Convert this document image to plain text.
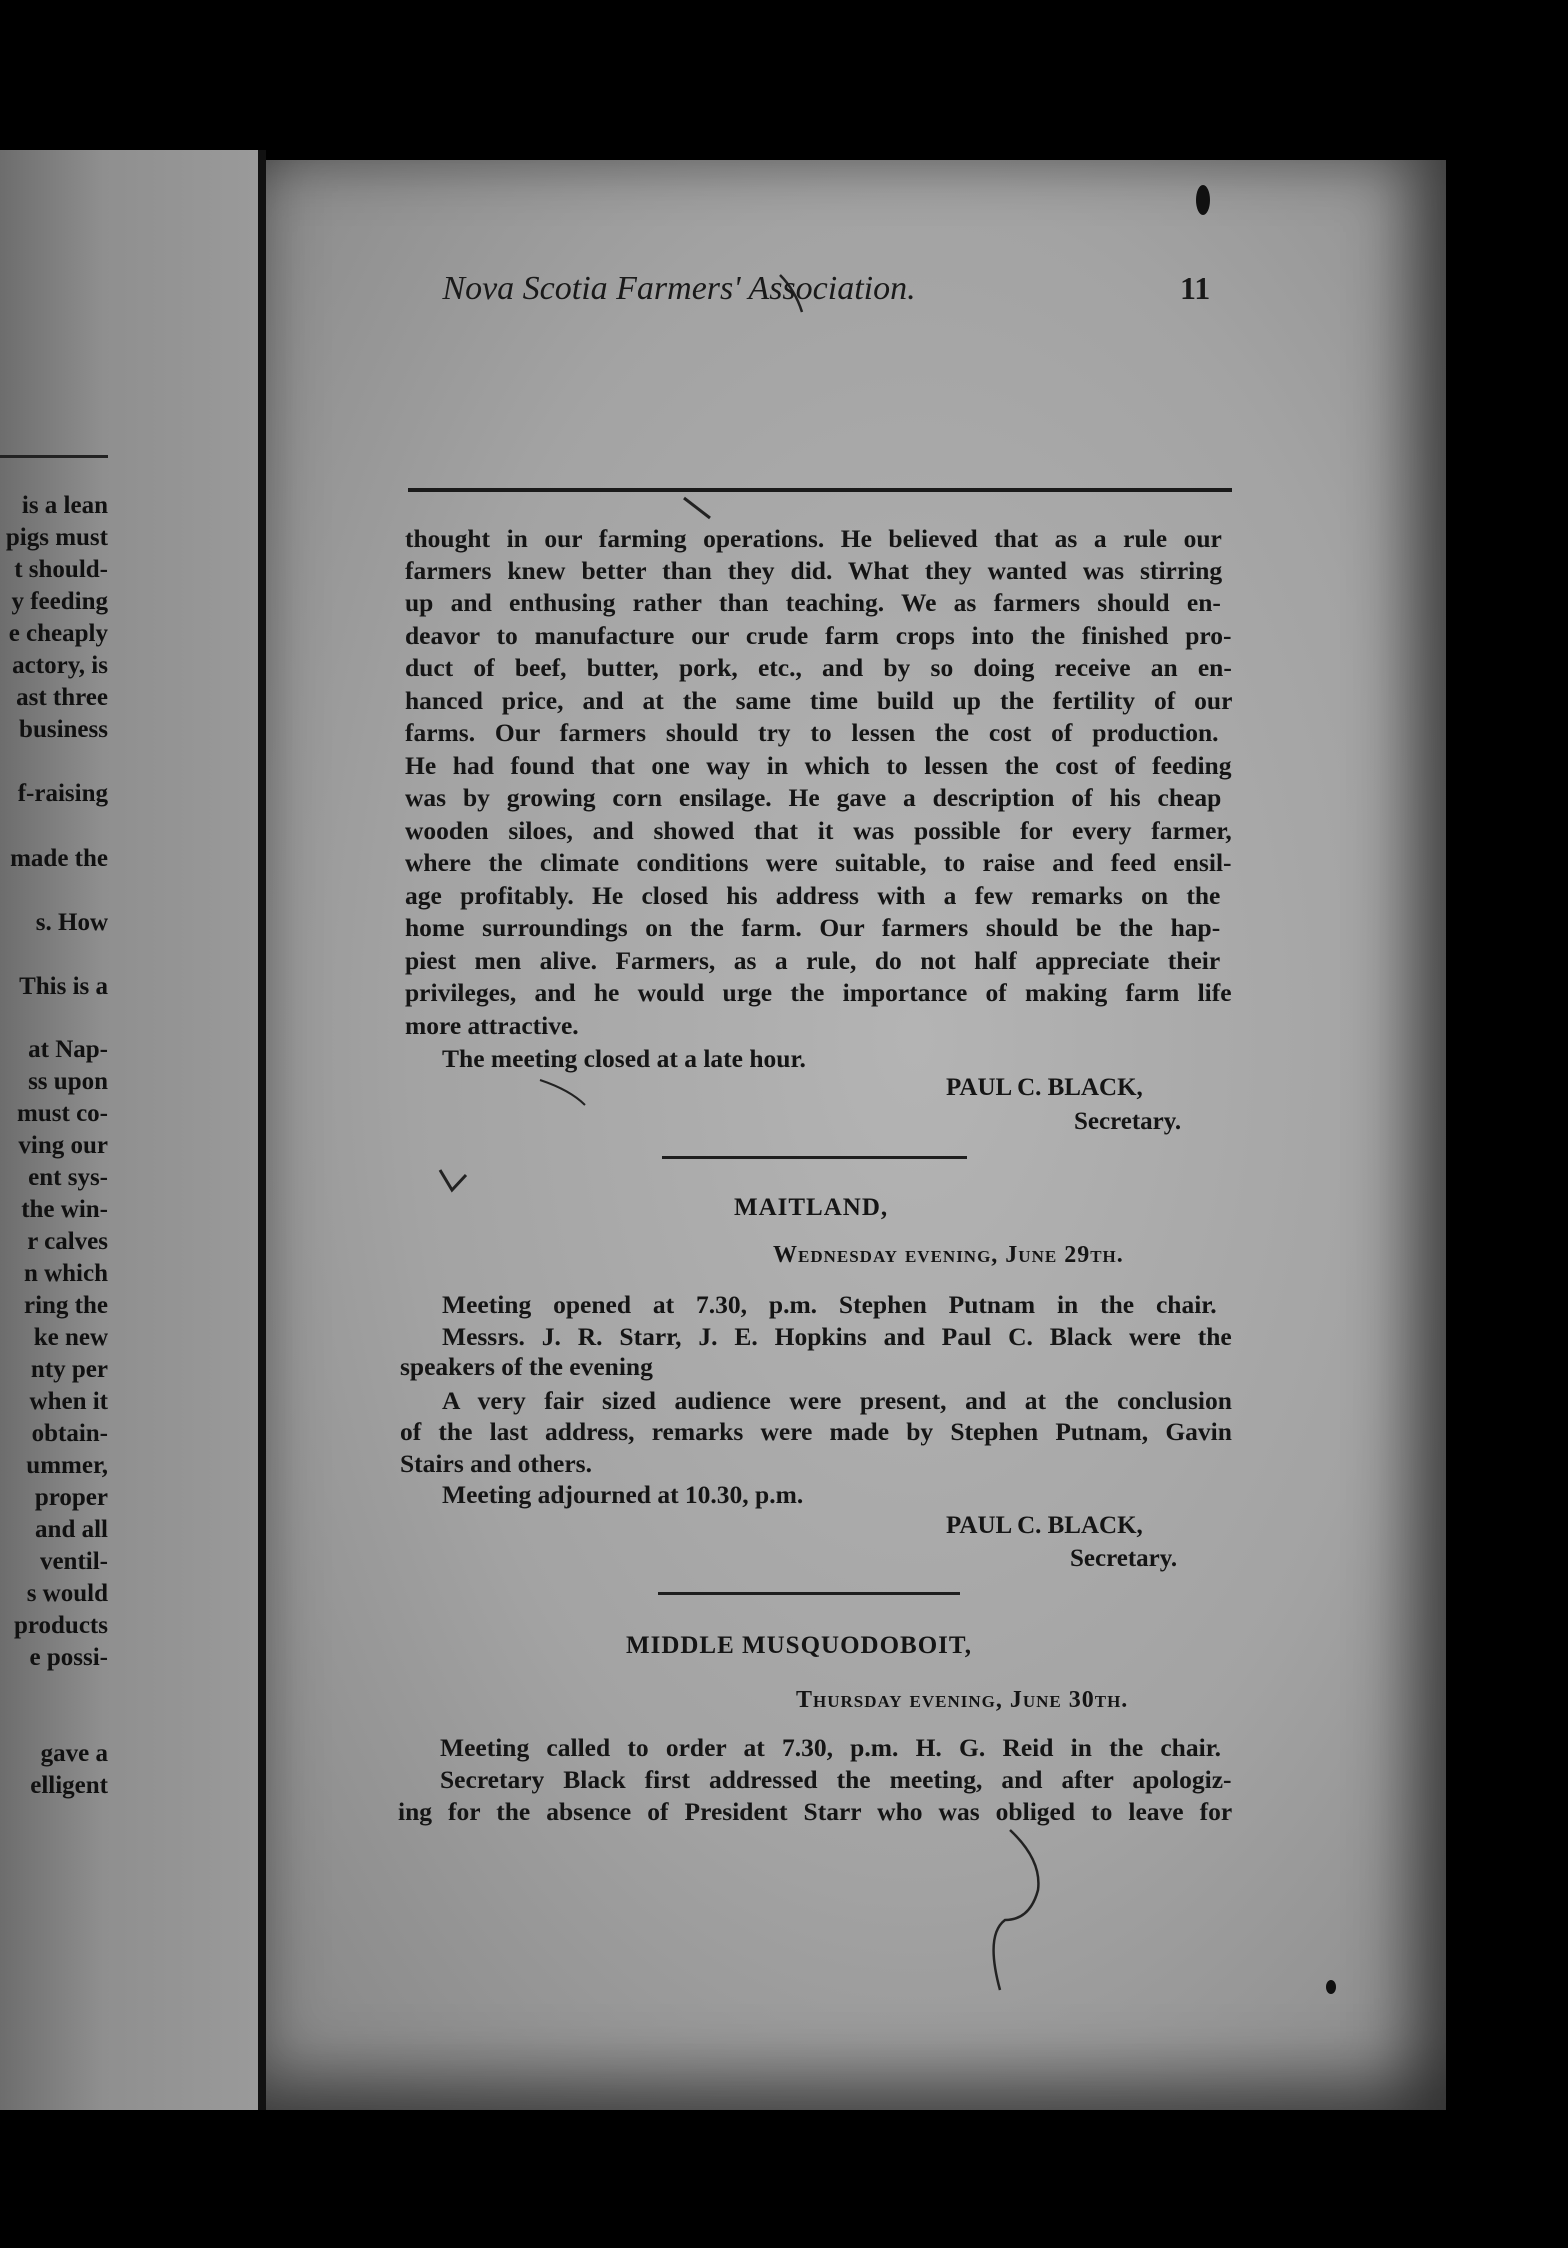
is a lean
pigs must
t should-
y feeding
e cheaply
actory, is
ast three
business
f-raising
made the
s. How
This is a
at Nap-
ss upon
must co-
ving our
ent sys-
the win-
r calves
n which
ring the
ke new
nty per
when it
obtain-
ummer,
proper
and all
ventil-
s would
products
e possi-
gave a
elligent
Nova Scotia Farmers' Association.	11
thought in our farming operations. He believed that as a rule our
farmers knew better than they did. What they wanted was stirring
up and enthusing rather than teaching. We as farmers should en-
deavor to manufacture our crude farm crops into the finished pro-
duct of beef, butter, pork, etc., and by so doing receive an en-
hanced price, and at the same time build up the fertility of our
farms. Our farmers should try to lessen the cost of production.
He had found that one way in which to lessen the cost of feeding
was by growing corn ensilage. He gave a description of his cheap
wooden siloes, and showed that it was possible for every farmer,
where the climate conditions were suitable, to raise and feed ensil-
age profitably. He closed his address with a few remarks on the
home surroundings on the farm. Our farmers should be the hap-
piest men alive. Farmers, as a rule, do not half appreciate their
privileges, and he would urge the importance of making farm life
more attractive.
The meeting closed at a late hour.
PAUL C. BLACK,
Secretary.
MAITLAND,
Wednesday evening, June 29th.
Meeting opened at 7.30, p.m. Stephen Putnam in the chair.
Messrs. J. R. Starr, J. E. Hopkins and Paul C. Black were the
speakers of the evening
A very fair sized audience were present, and at the conclusion
of the last address, remarks were made by Stephen Putnam, Gavin
Stairs and others.
Meeting adjourned at 10.30, p.m.
PAUL C. BLACK,
Secretary.
MIDDLE MUSQUODOBOIT,
Thursday evening, June 30th.
Meeting called to order at 7.30, p.m. H. G. Reid in the chair.
Secretary Black first addressed the meeting, and after apologiz-
ing for the absence of President Starr who was obliged to leave for
